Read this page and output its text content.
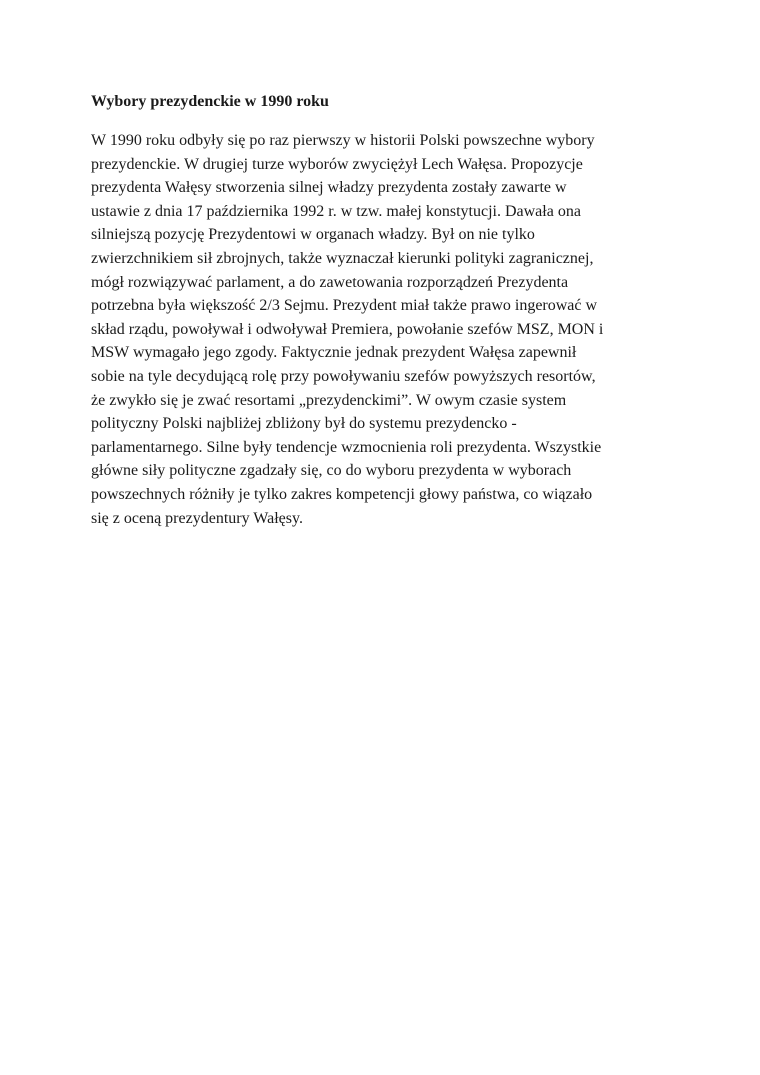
Wybory prezydenckie w 1990 roku

W 1990 roku odbyły się po raz pierwszy w historii Polski powszechne wybory
prezydenckie. W drugiej turze wyborów zwyciężył Lech Wałęsa. Propozycje
prezydenta Wałęsy stworzenia silnej władzy prezydenta zostały zawarte w
ustawie z dnia 17 października 1992 r. w tzw. małej konstytucji. Dawała ona
silniejszą pozycję Prezydentowi w organach władzy. Był on nie tylko
zwierzchnikiem sił zbrojnych, także wyznaczał kierunki polityki zagranicznej,
mógł rozwiązywać parlament, a do zawetowania rozporządzeń Prezydenta
potrzebna była większość 2/3 Sejmu. Prezydent miał także prawo ingerować w
skład rządu, powoływał i odwoływał Premiera, powołanie szefów MSZ, MON i
MSW wymagało jego zgody. Faktycznie jednak prezydent Wałęsa zapewnił
sobie na tyle decydującą rolę przy powoływaniu szefów powyższych resortów,
że zwykło się je zwać resortami „prezydenckimi”. W owym czasie system
polityczny Polski najbliżej zbliżony był do systemu prezydencko -
parlamentarnego. Silne były tendencje wzmocnienia roli prezydenta. Wszystkie
główne siły polityczne zgadzały się, co do wyboru prezydenta w wyborach
powszechnych różniły je tylko zakres kompetencji głowy państwa, co wiązało
się z oceną prezydentury Wałęsy.
